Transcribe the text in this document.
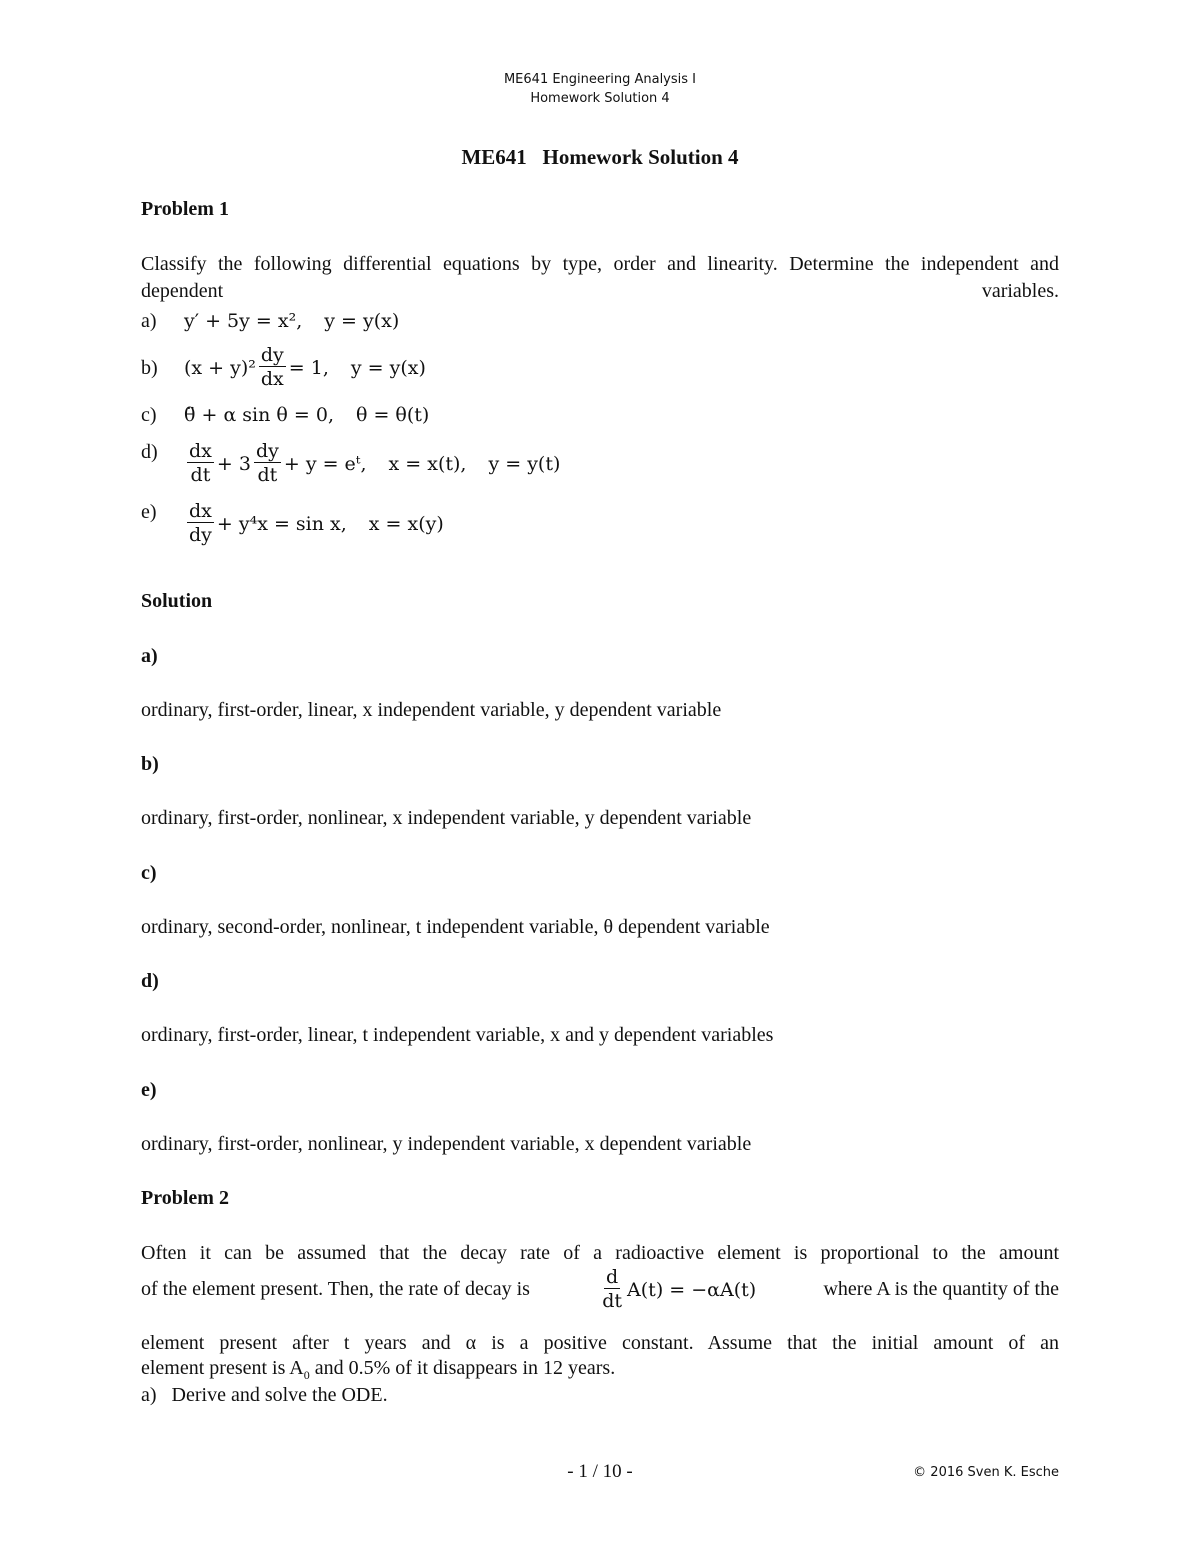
ME641 Engineering Analysis I
Homework Solution 4
ME641   Homework Solution 4
Problem 1
Classify the following differential equations by type, order and linearity. Determine the independent and dependent variables.
a) y′ + 5y = x², y = y(x)
b) $(x + y)^2 \frac{dy}{dx} = 1$, y = y(x)
c) θ̈ + α sin θ = 0, θ = θ(t)
$d) \frac{dx}{dt} + 3 \frac{dy}{dt} + y$ = eᵗ, x = x(t), y = y(t)
$e) \frac{dx}{dy} + y^4x = \sin x$, x = x(y)
Solution
a)
ordinary, first-order, linear, x independent variable, y dependent variable
b)
ordinary, first-order, nonlinear, x independent variable, y dependent variable
c)
ordinary, second-order, nonlinear, t independent variable, θ dependent variable
d)
ordinary, first-order, linear, t independent variable, x and y dependent variables
e)
ordinary, first-order, nonlinear, y independent variable, x dependent variable
Problem 2
Often it can be assumed that the decay rate of a radioactive element is proportional to the amount
of the element present. Then, the rate of decay is	$\frac{d}{dt} A(t) = -\alpha A(t)$	where A is the quantity of the
element present after t years and α is a positive constant. Assume that the initial amount of an
element present is $A_0$ and 0.5% of it disappears in 12 years.
a)   Derive and solve the ODE.
- 1 / 10 -	© 2016 Sven K. Esche
